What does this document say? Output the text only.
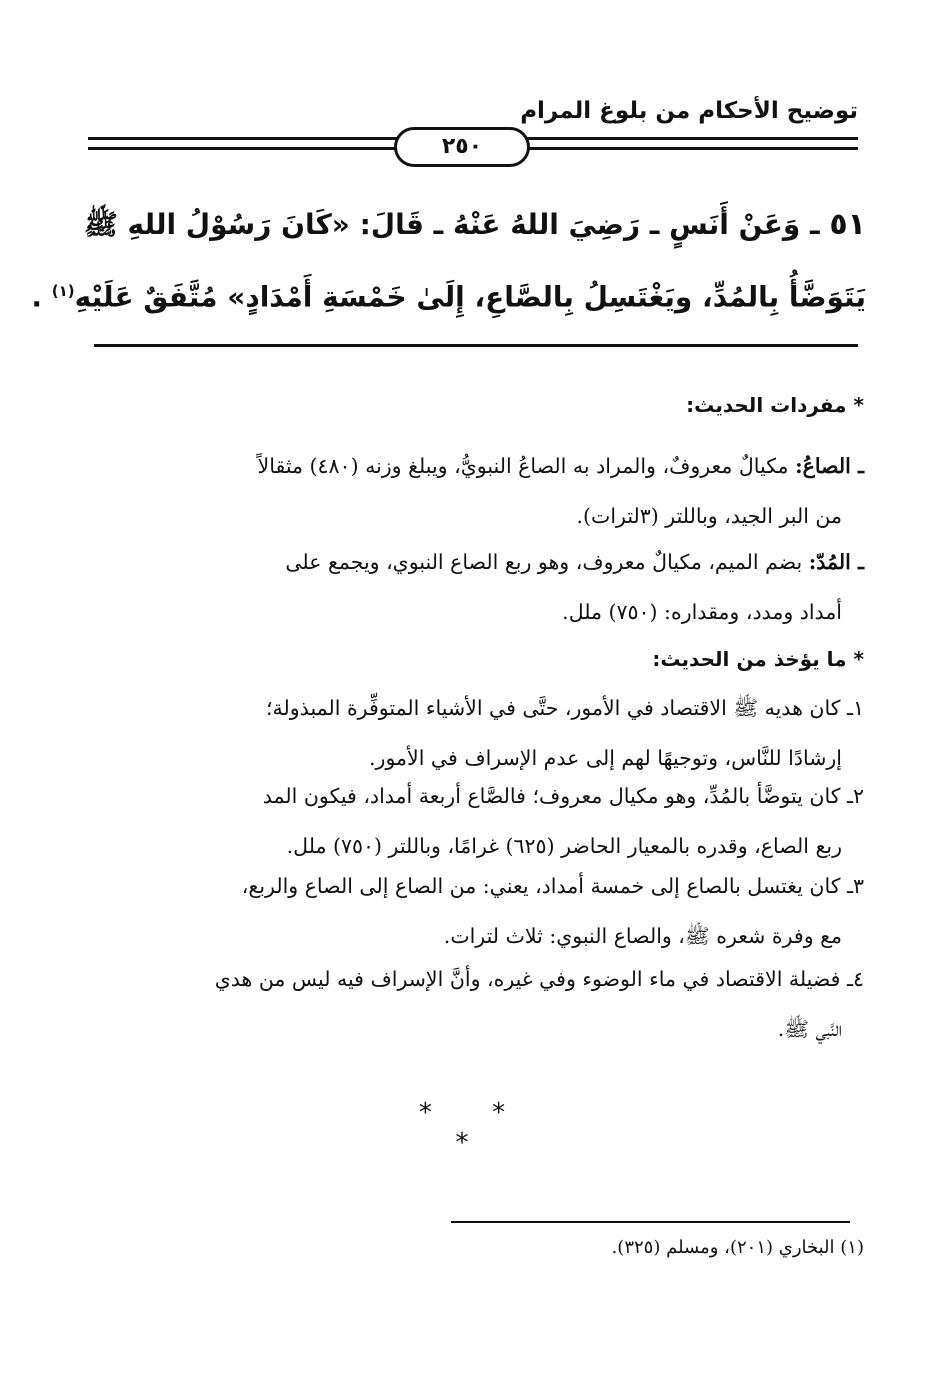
توضيح الأحكام من بلوغ المرام
٢٥٠
٥١ ـ وَعَنْ أَنَسٍ ـ رَضِيَ اللهُ عَنْهُ ـ قَالَ: «كَانَ رَسُوْلُ اللهِ ﷺ
يَتَوَضَّأُ بِالمُدِّ، ويَغْتَسِلُ بِالصَّاعِ، إِلَىٰ خَمْسَةِ أَمْدَادٍ» مُتَّفَقٌ عَلَيْهِ$^{(١)}$ .
* مفردات الحديث:
ـ الصاعُ: مكيالٌ معروفٌ، والمراد به الصاعُ النبويُّ، ويبلغ وزنه (٤٨٠) مثقالاً
من البر الجيد، وباللتر (٣لترات).
ـ المُدّ: بضم الميم، مكيالٌ معروف، وهو ربع الصاع النبوي، ويجمع على
أمداد ومدد، ومقداره: (٧٥٠) ملل.
* ما يؤخذ من الحديث:
١ـ كان هديه ﷺ الاقتصاد في الأمور، حتَّى في الأشياء المتوفِّرة المبذولة؛
إرشادًا للنَّاس، وتوجيهًا لهم إلى عدم الإسراف في الأمور.
٢ـ كان يتوضَّأ بالمُدِّ، وهو مكيال معروف؛ فالصَّاع أربعة أمداد، فيكون المد
ربع الصاع، وقدره بالمعيار الحاضر (٦٢٥) غرامًا، وباللتر (٧٥٠) ملل.
٣ـ كان يغتسل بالصاع إلى خمسة أمداد، يعني: من الصاع إلى الصاع والربع،
مع وفرة شعره ﷺ، والصاع النبوي: ثلاث لترات.
٤ـ فضيلة الاقتصاد في ماء الوضوء وفي غيره، وأنَّ الإسراف فيه ليس من هدي
النَّبي ﷺ.
* * *
(١) البخاري (٢٠١)، ومسلم (٣٢٥).
